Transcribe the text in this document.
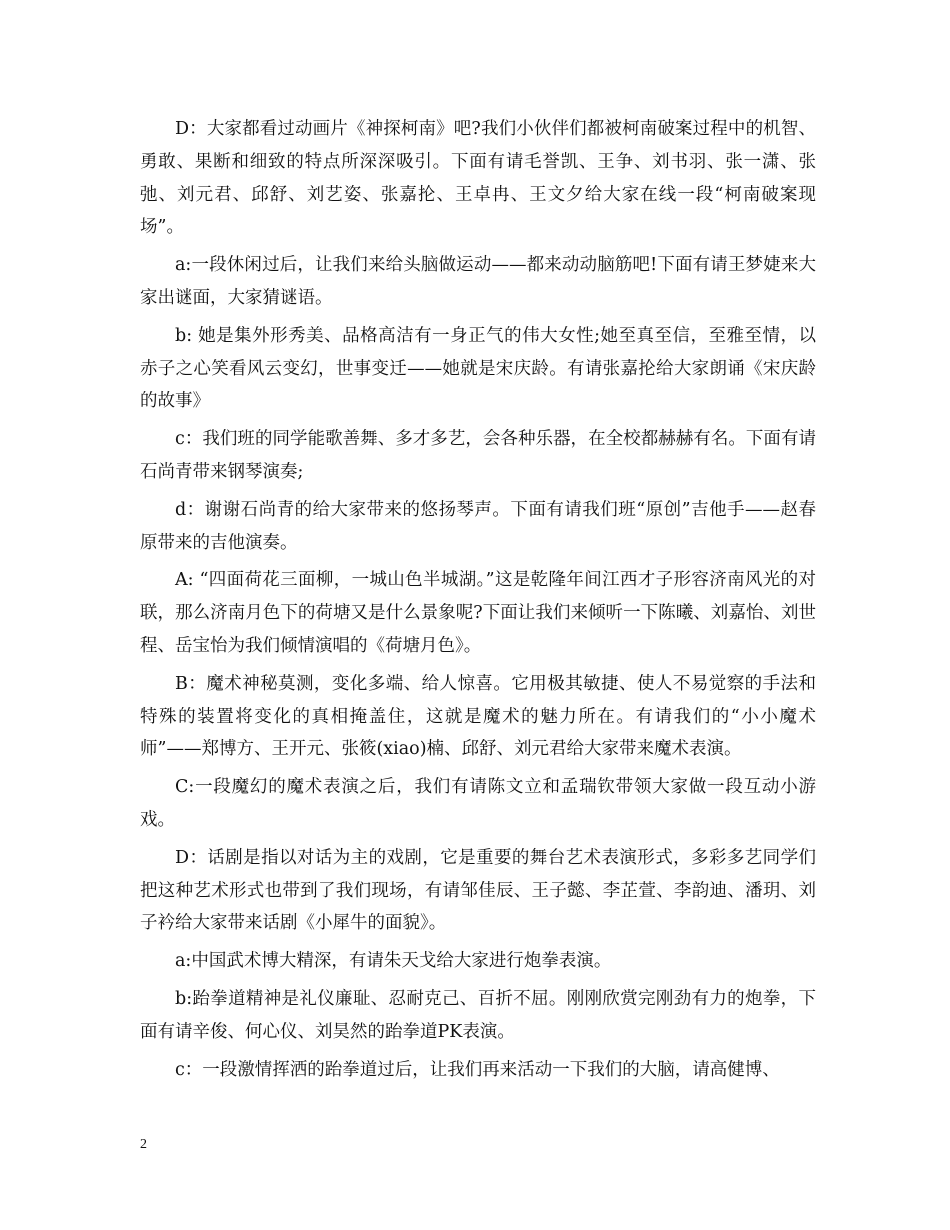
D：大家都看过动画片《神探柯南》吧?我们小伙伴们都被柯南破案过程中的机智、勇敢、果断和细致的特点所深深吸引。下面有请毛誉凯、王争、刘书羽、张一潇、张弛、刘元君、邱舒、刘艺姿、张嘉抡、王卓冉、王文夕给大家在线一段“柯南破案现场”。

a:一段休闲过后，让我们来给头脑做运动——都来动动脑筋吧!下面有请王梦婕来大家出谜面，大家猜谜语。

b: 她是集外形秀美、品格高洁有一身正气的伟大女性;她至真至信，至雅至情，以赤子之心笑看风云变幻，世事变迁——她就是宋庆龄。有请张嘉抡给大家朗诵《宋庆龄的故事》

c：我们班的同学能歌善舞、多才多艺，会各种乐器，在全校都赫赫有名。下面有请石尚青带来钢琴演奏;

d：谢谢石尚青的给大家带来的悠扬琴声。下面有请我们班“原创”吉他手——赵春原带来的吉他演奏。

A: “四面荷花三面柳，一城山色半城湖。”这是乾隆年间江西才子形容济南风光的对联，那么济南月色下的荷塘又是什么景象呢?下面让我们来倾听一下陈曦、刘嘉怡、刘世程、岳宝怡为我们倾情演唱的《荷塘月色》。

B：魔术神秘莫测，变化多端、给人惊喜。它用极其敏捷、使人不易觉察的手法和特殊的装置将变化的真相掩盖住，这就是魔术的魅力所在。有请我们的“小小魔术师”——郑博方、王开元、张筱(xiao)楠、邱舒、刘元君给大家带来魔术表演。

C:一段魔幻的魔术表演之后，我们有请陈文立和孟瑞钦带领大家做一段互动小游戏。

D：话剧是指以对话为主的戏剧，它是重要的舞台艺术表演形式，多彩多艺同学们把这种艺术形式也带到了我们现场，有请邹佳辰、王子懿、李芷萱、李韵迪、潘玥、刘子衿给大家带来话剧《小犀牛的面貌》。

a:中国武术博大精深，有请朱天戈给大家进行炮拳表演。

b:跆拳道精神是礼仪廉耻、忍耐克己、百折不屈。刚刚欣赏完刚劲有力的炮拳，下面有请辛俊、何心仪、刘昊然的跆拳道PK表演。

c：一段激情挥洒的跆拳道过后，让我们再来活动一下我们的大脑，请高健博、

2
